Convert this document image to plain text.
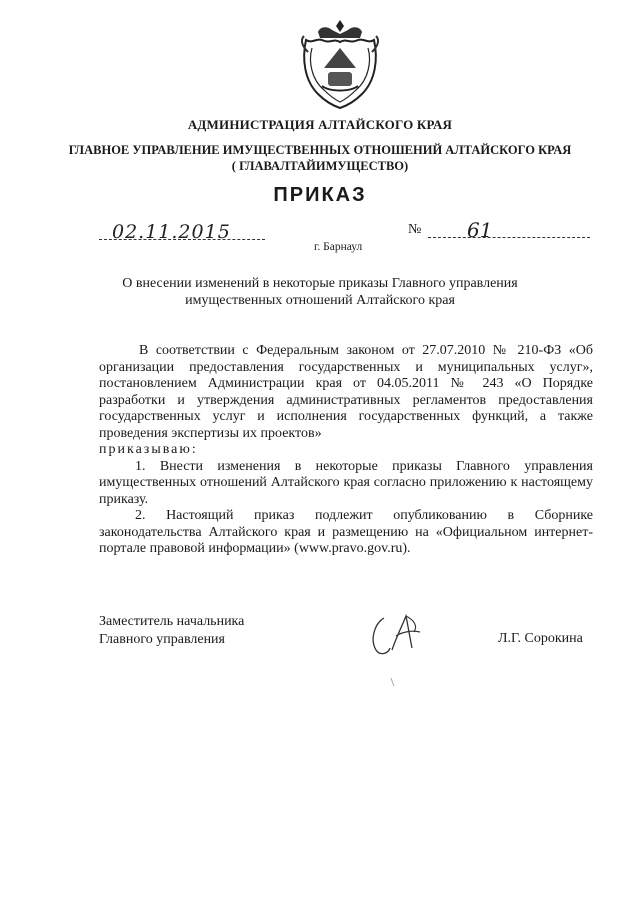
АДМИНИСТРАЦИЯ АЛТАЙСКОГО КРАЯ
ГЛАВНОЕ УПРАВЛЕНИЕ ИМУЩЕСТВЕННЫХ ОТНОШЕНИЙ АЛТАЙСКОГО КРАЯ
( ГЛАВАЛТАЙИМУЩЕСТВО)
ПРИКАЗ
02.11.2015	№ 61
г. Барнаул
О внесении изменений в некоторые приказы Главного управления
имущественных отношений Алтайского края

В соответствии с Федеральным законом от 27.07.2010 № 210-ФЗ «Об организации предоставления государственных и муниципальных услуг», постановлением Администрации края от 04.05.2011 № 243 «О Порядке разработки и утверждения административных регламентов предоставления государственных услуг и исполнения государственных функций, а также проведения экспертизы их проектов»

приказываю:

1. Внести изменения в некоторые приказы Главного управления имущественных отношений Алтайского края согласно приложению к настоящему приказу.

2. Настоящий приказ подлежит опубликованию в Сборнике законодательства Алтайского края и размещению на «Официальном интернет-портале правовой информации» (www.pravo.gov.ru).

Заместитель начальника
Главного управления	Л.Г. Сорокина
